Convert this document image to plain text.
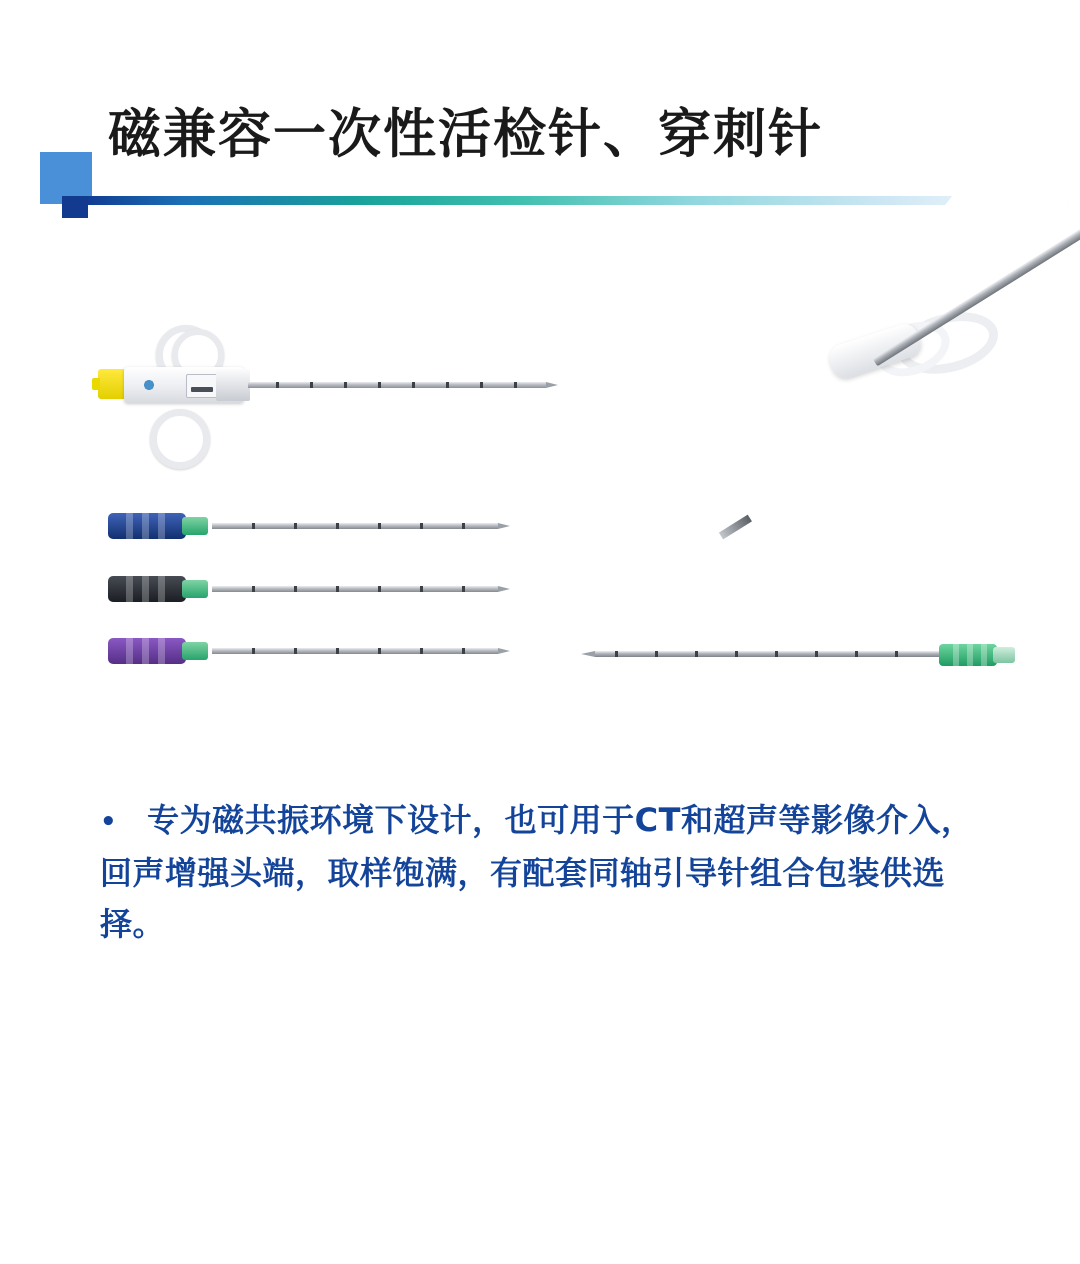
磁兼容一次性活检针、穿刺针
• 专为磁共振环境下设计，也可用于CT和超声等影像介入，回声增强头端，取样饱满，有配套同轴引导针组合包装供选择。
